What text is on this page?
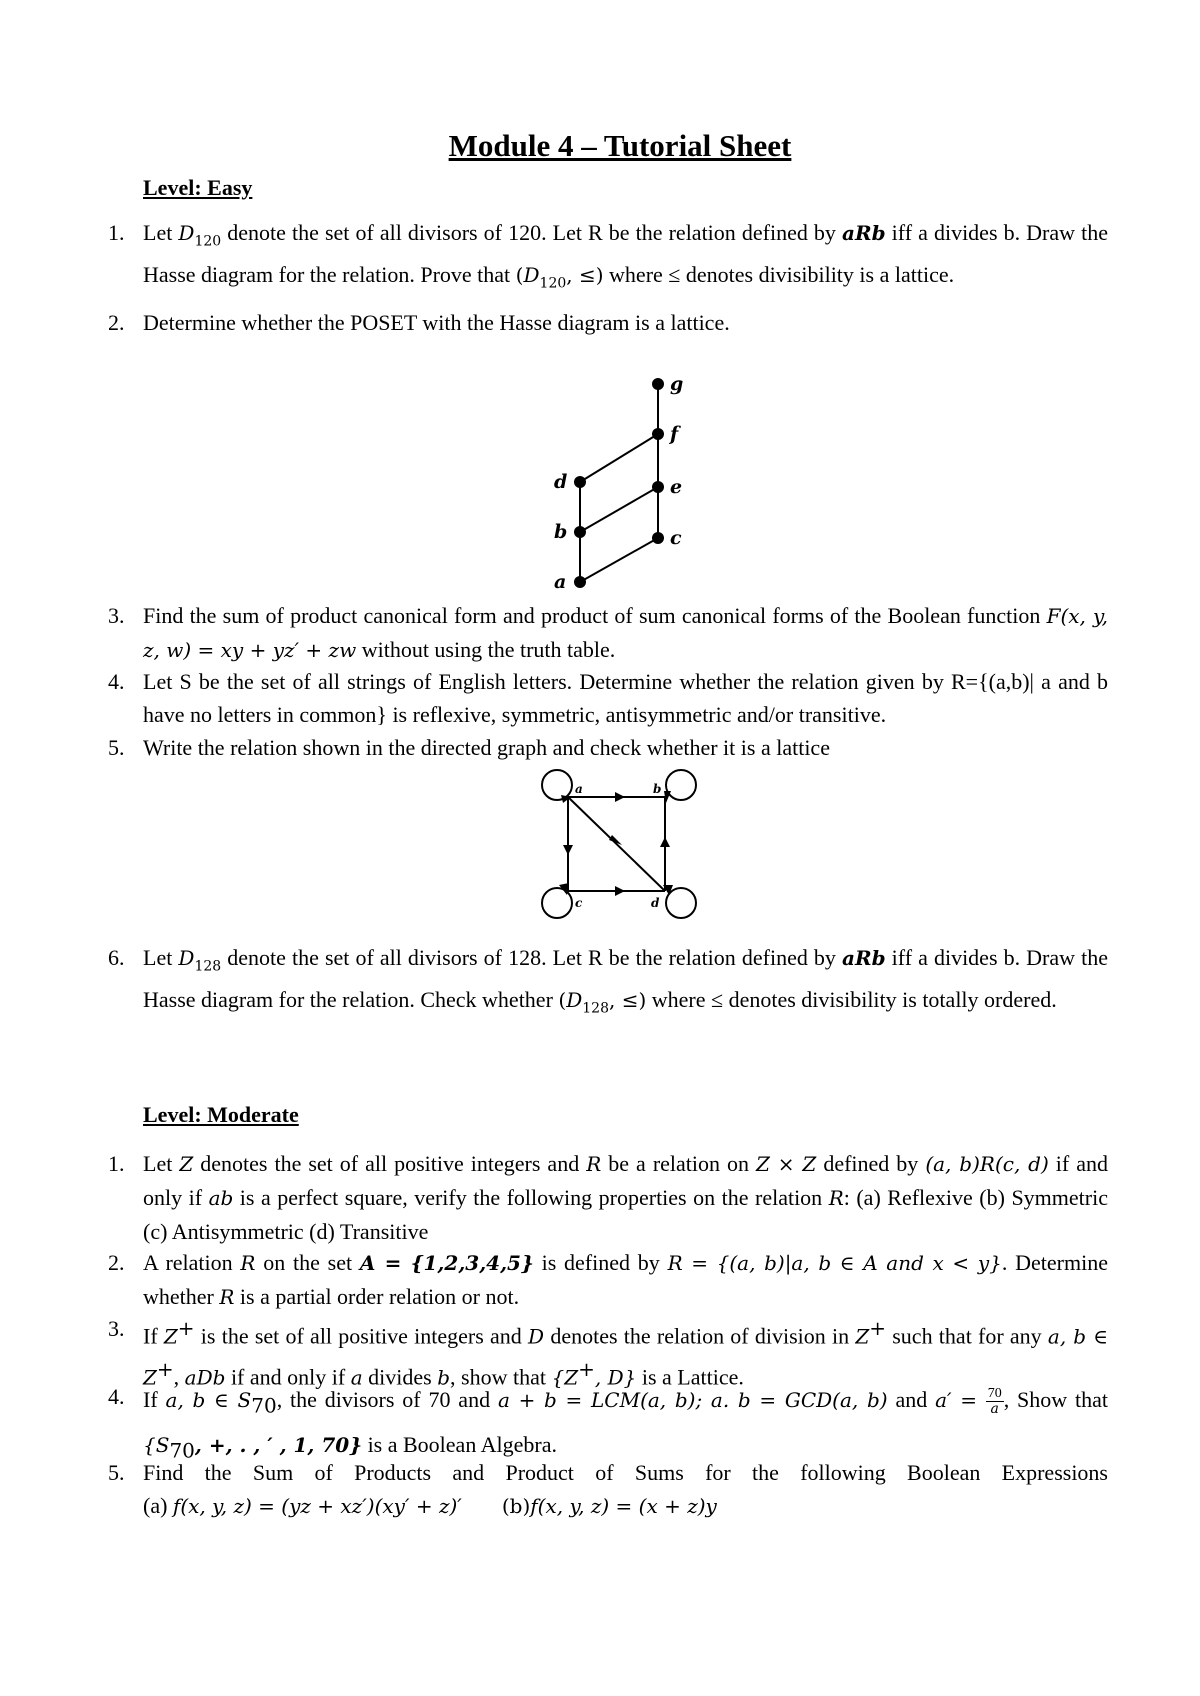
Module 4 – Tutorial Sheet
Level: Easy
1. Let $D_{120}$ denote the set of all divisors of 120. Let R be the relation defined by aRb iff a divides b. Draw the Hasse diagram for the relation. Prove that ($D_{120}$, ≤) where ≤ denotes divisibility is a lattice.
2. Determine whether the POSET with the Hasse diagram is a lattice.
g
f
d	e
b	c
a
3. Find the sum of product canonical form and product of sum canonical forms of the Boolean function F(x, y, z, w) = xy + yz′ + zw without using the truth table.
4. Let S be the set of all strings of English letters. Determine whether the relation given by R={(a,b)| a and b have no letters in common} is reflexive, symmetric, antisymmetric and/or transitive.
5. Write the relation shown in the directed graph and check whether it is a lattice
a	b
c	d
6. Let $D_{128}$ denote the set of all divisors of 128. Let R be the relation defined by aRb iff a divides b. Draw the Hasse diagram for the relation. Check whether ($D_{128}$, ≤) where ≤ denotes divisibility is totally ordered.
Level: Moderate
1. Let Z denotes the set of all positive integers and R be a relation on Z × Z defined by (a, b)R(c, d) if and only if ab is a perfect square, verify the following properties on the relation R: (a) Reflexive (b) Symmetric (c) Antisymmetric (d) Transitive
2. A relation R on the set A = {1,2,3,4,5} is defined by R = {(a, b)|a, b ∈ A and x < y}. Determine whether R is a partial order relation or not.
3. If Z+ is the set of all positive integers and D denotes the relation of division in Z+ such that for any a, b ∈ Z+, aDb if and only if a divides b, show that {Z+, D} is a Lattice.
4. If a, b ∈ $S_{70}$, the divisors of 70 and a + b = LCM(a, b); a. b = GCD(a, b) and $a' = \frac{70}{a}$ , Show that {$S_{70}$, +, . , ′ , 1, 70} is a Boolean Algebra.
5. Find the Sum of Products and Product of Sums for the following Boolean Expressions
(a) f(x, y, z) = (yz + xz′)(xy′ + z)′ (b)f(x, y, z) = (x + z)y
